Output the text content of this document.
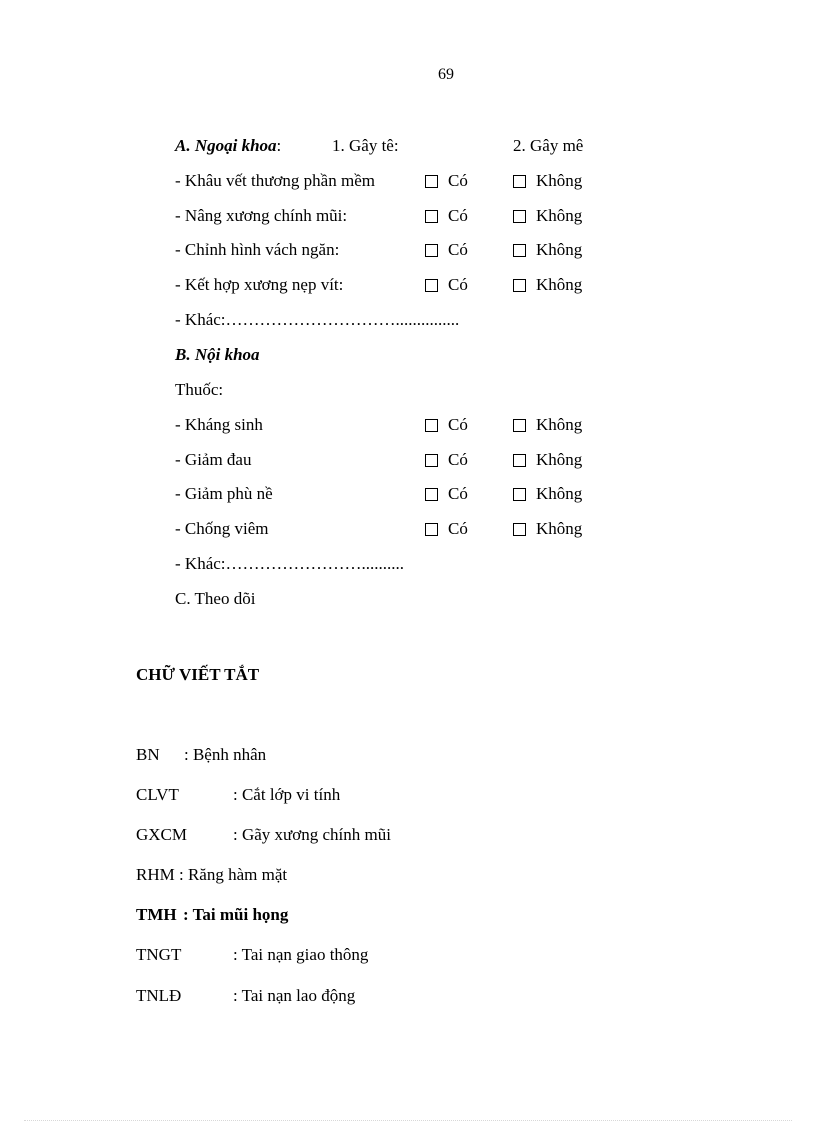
69
A. Ngoại khoa:	1. Gây tê:	2. Gây mê
- Khâu vết thương phần mềm	Có	Không
- Nâng xương chính mũi:	Có	Không
- Chỉnh hình vách ngăn:	Có	Không
- Kết hợp xương nẹp vít:	Có	Không
- Khác:…………………………...............
B. Nội khoa
Thuốc:
- Kháng sinh	Có	Không
- Giảm đau	Có	Không
- Giảm phù nề	Có	Không
- Chống viêm	Có	Không
- Khác:……………………..........
C. Theo dõi
CHỮ VIẾT TẮT
BN : Bệnh nhân
CLVT	: Cắt lớp vi tính
GXCM	: Gãy xương chính mũi
RHM : Răng hàm mặt
TMH : Tai mũi họng
TNGT	: Tai nạn giao thông
TNLĐ	: Tai nạn lao động
